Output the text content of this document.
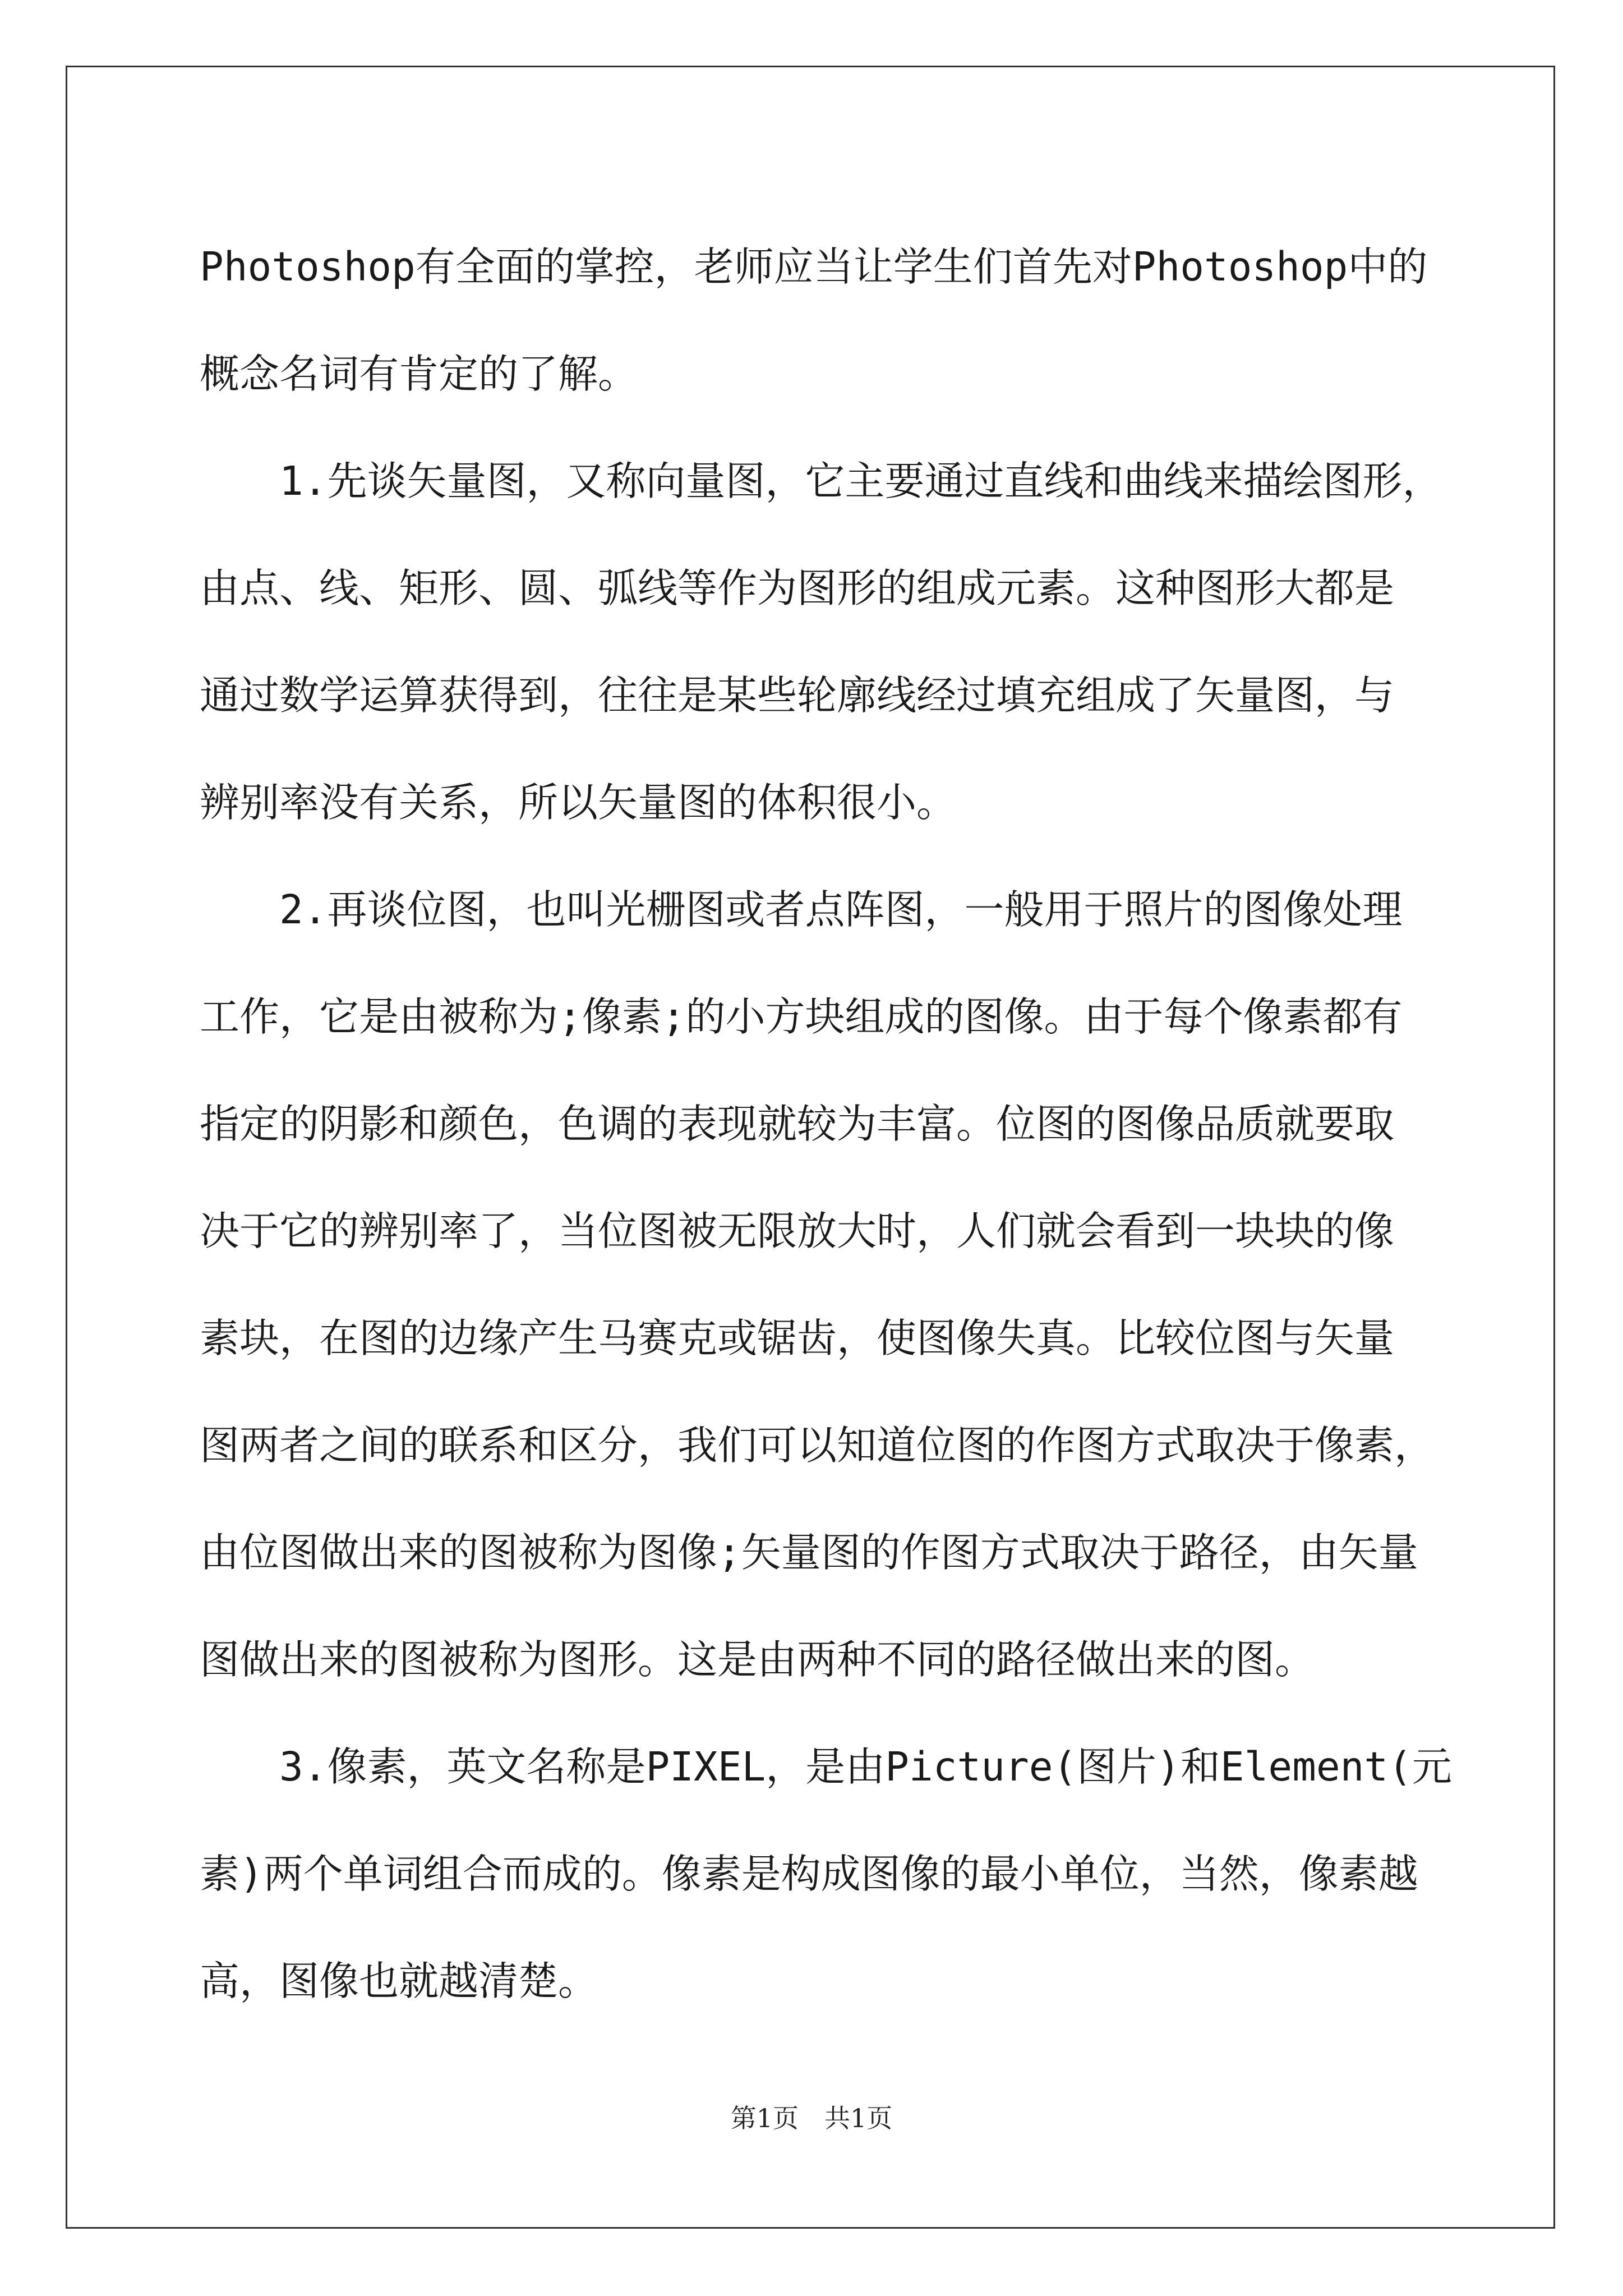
Photoshop有全面的掌控，老师应当让学生们首先对Photoshop中的
概念名词有肯定的了解。
　　1.先谈矢量图，又称向量图，它主要通过直线和曲线来描绘图形，
由点、线、矩形、圆、弧线等作为图形的组成元素。这种图形大都是
通过数学运算获得到，往往是某些轮廓线经过填充组成了矢量图，与
辨别率没有关系，所以矢量图的体积很小。
　　2.再谈位图，也叫光栅图或者点阵图，一般用于照片的图像处理
工作，它是由被称为;像素;的小方块组成的图像。由于每个像素都有
指定的阴影和颜色，色调的表现就较为丰富。位图的图像品质就要取
决于它的辨别率了，当位图被无限放大时，人们就会看到一块块的像
素块，在图的边缘产生马赛克或锯齿，使图像失真。比较位图与矢量
图两者之间的联系和区分，我们可以知道位图的作图方式取决于像素，
由位图做出来的图被称为图像;矢量图的作图方式取决于路径，由矢量
图做出来的图被称为图形。这是由两种不同的路径做出来的图。
　　3.像素，英文名称是PIXEL，是由Picture(图片)和Element(元
素)两个单词组合而成的。像素是构成图像的最小单位，当然，像素越
高，图像也就越清楚。
第1页　共1页
